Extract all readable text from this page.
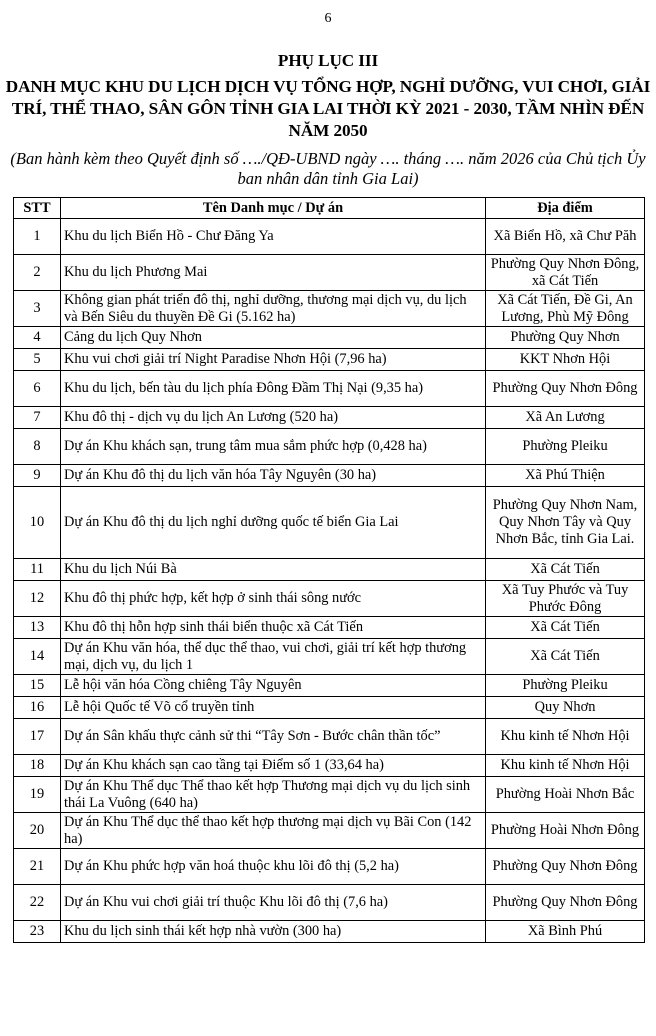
6
PHỤ LỤC III
DANH MỤC KHU DU LỊCH DỊCH VỤ TỔNG HỢP, NGHỈ DƯỠNG, VUI CHƠI, GIẢI TRÍ, THỂ THAO, SÂN GÔN TỈNH GIA LAI THỜI KỲ 2021 - 2030, TẦM NHÌN ĐẾN NĂM 2050
(Ban hành kèm theo Quyết định số …./QĐ-UBND ngày …. tháng …. năm 2026 của Chủ tịch Ủy ban nhân dân tỉnh Gia Lai)
STT	Tên Danh mục / Dự án	Địa điểm
1	Khu du lịch Biển Hồ - Chư Đăng Ya	Xã Biển Hồ, xã Chư Păh
2	Khu du lịch Phương Mai	Phường Quy Nhơn Đông, xã Cát Tiến
3	Không gian phát triển đô thị, nghỉ dưỡng, thương mại dịch vụ, du lịch và Bến Siêu du thuyền Đề Gi (5.162 ha)	Xã Cát Tiến, Đề Gi, An Lương, Phù Mỹ Đông
4	Cảng du lịch Quy Nhơn	Phường Quy Nhơn
5	Khu vui chơi giải trí Night Paradise Nhơn Hội (7,96 ha)	KKT Nhơn Hội
6	Khu du lịch, bến tàu du lịch phía Đông Đầm Thị Nại (9,35 ha)	Phường Quy Nhơn Đông
7	Khu đô thị - dịch vụ du lịch An Lương (520 ha)	Xã An Lương
8	Dự án Khu khách sạn, trung tâm mua sắm phức hợp (0,428 ha)	Phường Pleiku
9	Dự án Khu đô thị du lịch văn hóa Tây Nguyên (30 ha)	Xã Phú Thiện
10	Dự án Khu đô thị du lịch nghỉ dưỡng quốc tế biển Gia Lai	Phường Quy Nhơn Nam, Quy Nhơn Tây và Quy Nhơn Bắc, tỉnh Gia Lai.
11	Khu du lịch Núi Bà	Xã Cát Tiến
12	Khu đô thị phức hợp, kết hợp ở sinh thái sông nước	Xã Tuy Phước và Tuy Phước Đông
13	Khu đô thị hỗn hợp sinh thái biển thuộc xã Cát Tiến	Xã Cát Tiến
14	Dự án Khu văn hóa, thể dục thể thao, vui chơi, giải trí kết hợp thương mại, dịch vụ, du lịch 1	Xã Cát Tiến
15	Lễ hội văn hóa Cồng chiêng Tây Nguyên	Phường Pleiku
16	Lễ hội Quốc tế Võ cổ truyền tỉnh	Quy Nhơn
17	Dự án Sân khấu thực cảnh sử thi “Tây Sơn - Bước chân thần tốc”	Khu kinh tế Nhơn Hội
18	Dự án Khu khách sạn cao tầng tại Điểm số 1 (33,64 ha)	Khu kinh tế Nhơn Hội
19	Dự án Khu Thể dục Thể thao kết hợp Thương mại dịch vụ du lịch sinh thái La Vuông (640 ha)	Phường Hoài Nhơn Bắc
20	Dự án Khu Thể dục thể thao kết hợp thương mại dịch vụ Bãi Con (142 ha)	Phường Hoài Nhơn Đông
21	Dự án Khu phức hợp văn hoá thuộc khu lõi đô thị (5,2 ha)	Phường Quy Nhơn Đông
22	Dự án Khu vui chơi giải trí thuộc Khu lõi đô thị (7,6 ha)	Phường Quy Nhơn Đông
23	Khu du lịch sinh thái kết hợp nhà vườn (300 ha)	Xã Bình Phú
